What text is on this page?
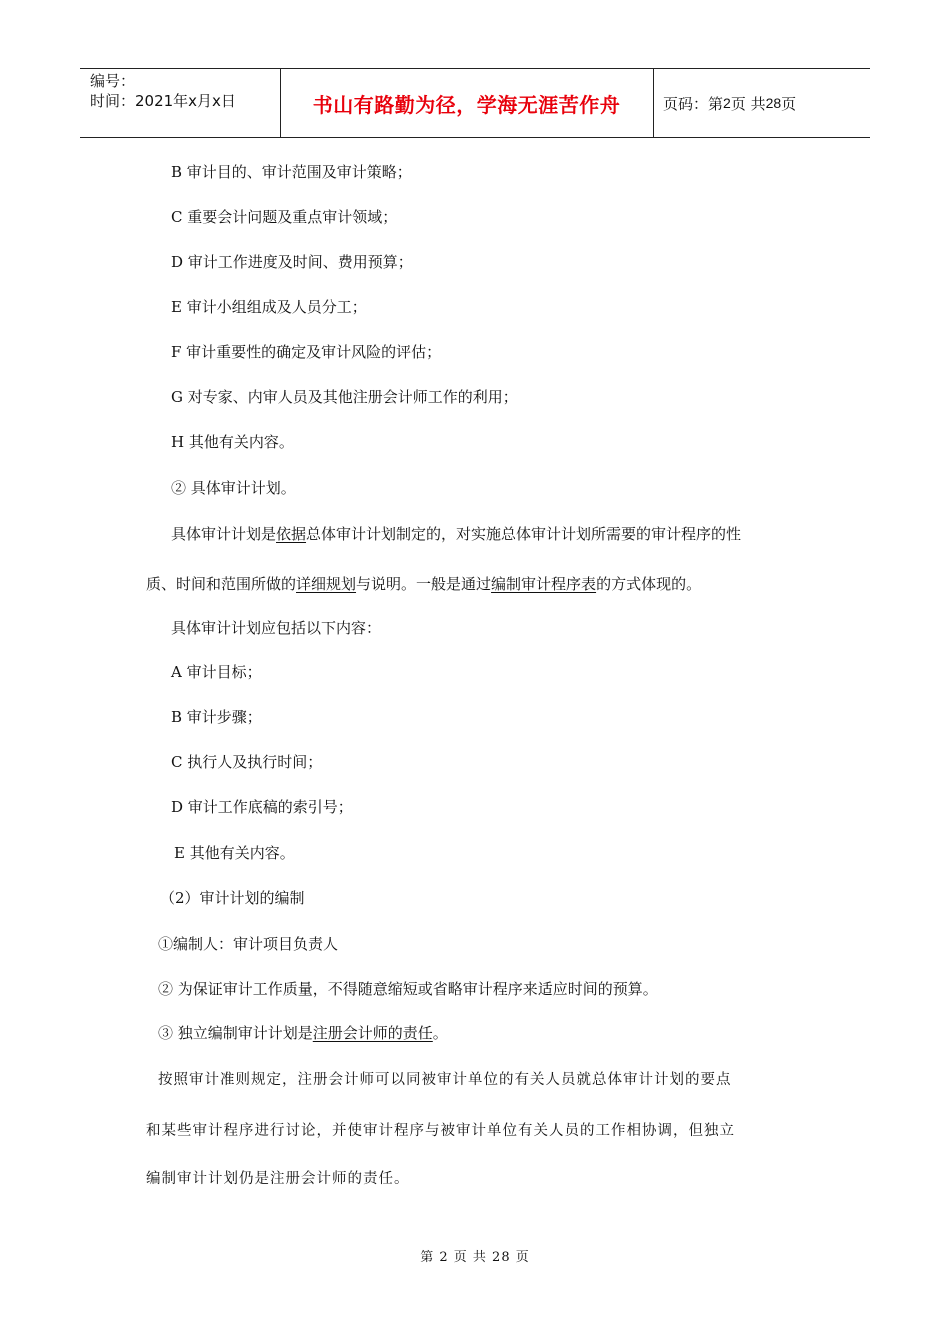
编号：
时间：2021年x月x日	书山有路勤为径，学海无涯苦作舟	页码：第 2 页 共 28 页
B 审计目的、审计范围及审计策略；
C 重要会计问题及重点审计领域；
D 审计工作进度及时间、费用预算；
E 审计小组组成及人员分工；
F 审计重要性的确定及审计风险的评估；
G 对专家、内审人员及其他注册会计师工作的利用；
H 其他有关内容。
② 具体审计计划。
具体审计计划是依据总体审计计划制定的，对实施总体审计计划所需要的审计程序的性
质、时间和范围所做的详细规划与说明。一般是通过编制审计程序表的方式体现的。
具体审计计划应包括以下内容：
A 审计目标；
B 审计步骤；
C 执行人及执行时间；
D 审计工作底稿的索引号；
E 其他有关内容。
（2）审计计划的编制
①编制人：审计项目负责人
② 为保证审计工作质量，不得随意缩短或省略审计程序来适应时间的预算。
③ 独立编制审计计划是注册会计师的责任。
按照审计准则规定，注册会计师可以同被审计单位的有关人员就总体审计计划的要点
和某些审计程序进行讨论，并使审计程序与被审计单位有关人员的工作相协调，但独立
编制审计计划仍是注册会计师的责任。
第 2 页 共 28 页
